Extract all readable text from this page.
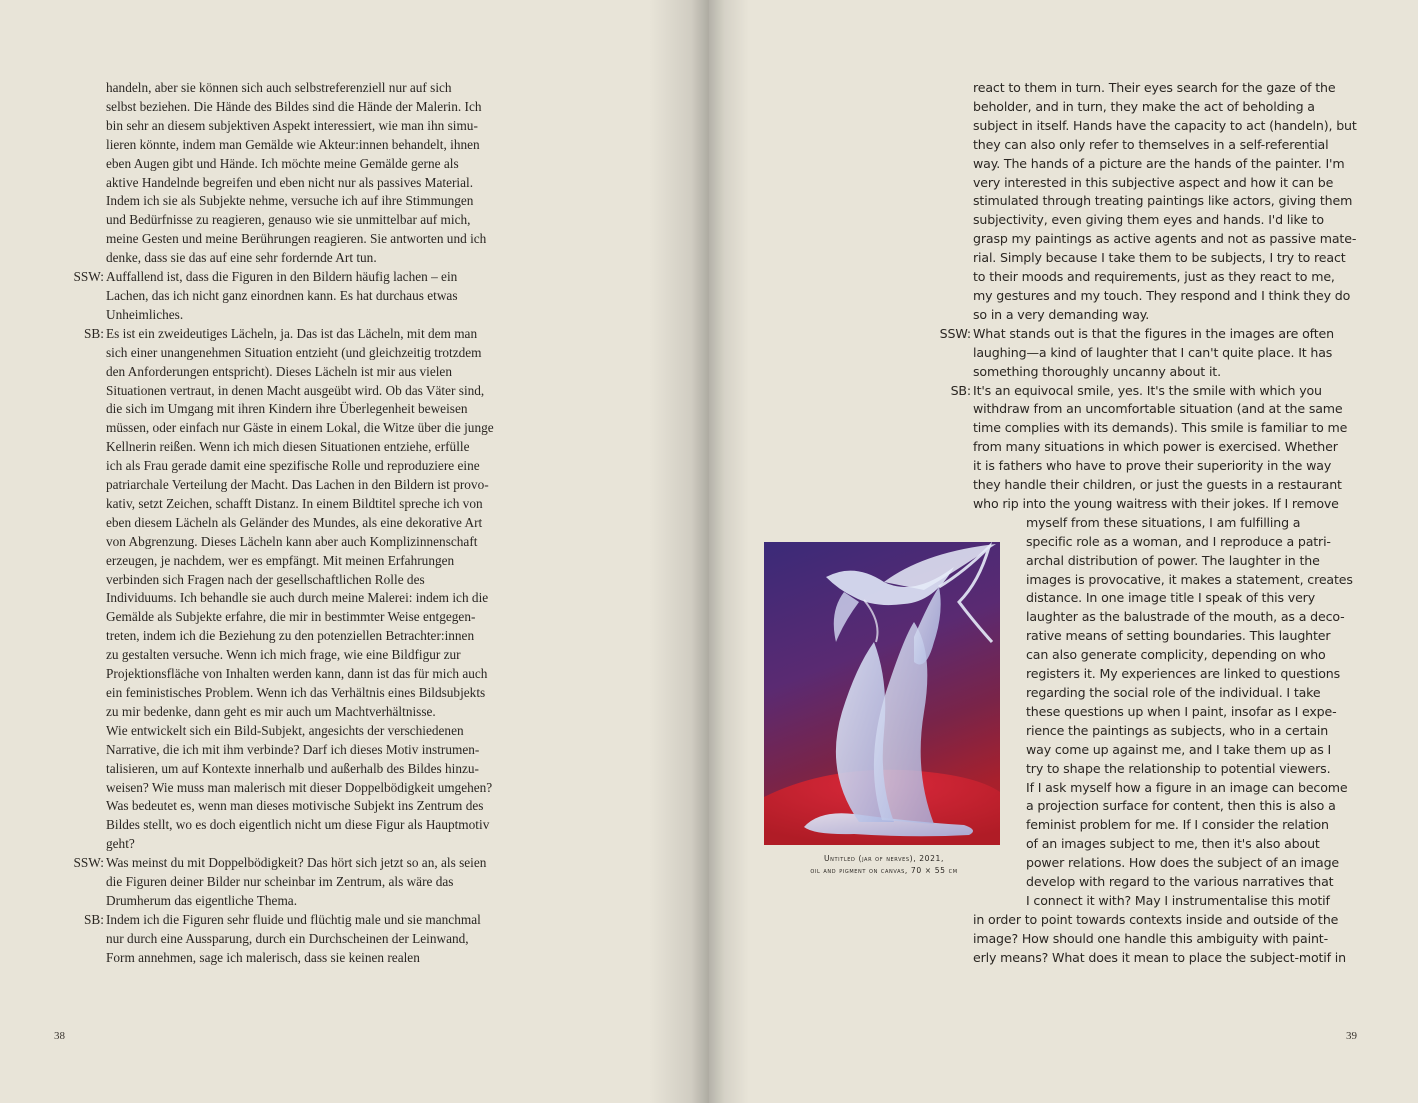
handeln, aber sie können sich auch selbstreferenziell nur auf sich
selbst beziehen. Die Hände des Bildes sind die Hände der Malerin. Ich
bin sehr an diesem subjektiven Aspekt interessiert, wie man ihn simu-
lieren könnte, indem man Gemälde wie Akteur:innen behandelt, ihnen
eben Augen gibt und Hände. Ich möchte meine Gemälde gerne als
aktive Handelnde begreifen und eben nicht nur als passives Material.
Indem ich sie als Subjekte nehme, versuche ich auf ihre Stimmungen
und Bedürfnisse zu reagieren, genauso wie sie unmittelbar auf mich,
meine Gesten und meine Berührungen reagieren. Sie antworten und ich
denke, dass sie das auf eine sehr fordernde Art tun.
SSW: Auffallend ist, dass die Figuren in den Bildern häufig lachen – ein
Lachen, das ich nicht ganz einordnen kann. Es hat durchaus etwas
Unheimliches.
SB: Es ist ein zweideutiges Lächeln, ja. Das ist das Lächeln, mit dem man
sich einer unangenehmen Situation entzieht (und gleichzeitig trotzdem
den Anforderungen entspricht). Dieses Lächeln ist mir aus vielen
Situationen vertraut, in denen Macht ausgeübt wird. Ob das Väter sind,
die sich im Umgang mit ihren Kindern ihre Überlegenheit beweisen
müssen, oder einfach nur Gäste in einem Lokal, die Witze über die junge
Kellnerin reißen. Wenn ich mich diesen Situationen entziehe, erfülle
ich als Frau gerade damit eine spezifische Rolle und reproduziere eine
patriarchale Verteilung der Macht. Das Lachen in den Bildern ist provo-
kativ, setzt Zeichen, schafft Distanz. In einem Bildtitel spreche ich von
eben diesem Lächeln als Geländer des Mundes, als eine dekorative Art
von Abgrenzung. Dieses Lächeln kann aber auch Komplizinnenschaft
erzeugen, je nachdem, wer es empfängt. Mit meinen Erfahrungen
verbinden sich Fragen nach der gesellschaftlichen Rolle des
Individuums. Ich behandle sie auch durch meine Malerei: indem ich die
Gemälde als Subjekte erfahre, die mir in bestimmter Weise entgegen-
treten, indem ich die Beziehung zu den potenziellen Betrachter:innen
zu gestalten versuche. Wenn ich mich frage, wie eine Bildfigur zur
Projektionsfläche von Inhalten werden kann, dann ist das für mich auch
ein feministisches Problem. Wenn ich das Verhältnis eines Bildsubjekts
zu mir bedenke, dann geht es mir auch um Machtverhältnisse.
Wie entwickelt sich ein Bild-Subjekt, angesichts der verschiedenen
Narrative, die ich mit ihm verbinde? Darf ich dieses Motiv instrumen-
talisieren, um auf Kontexte innerhalb und außerhalb des Bildes hinzu-
weisen? Wie muss man malerisch mit dieser Doppelbödigkeit umgehen?
Was bedeutet es, wenn man dieses motivische Subjekt ins Zentrum des
Bildes stellt, wo es doch eigentlich nicht um diese Figur als Hauptmotiv
geht?
SSW: Was meinst du mit Doppelbödigkeit? Das hört sich jetzt so an, als seien
die Figuren deiner Bilder nur scheinbar im Zentrum, als wäre das
Drumherum das eigentliche Thema.
SB: Indem ich die Figuren sehr fluide und flüchtig male und sie manchmal
nur durch eine Aussparung, durch ein Durchscheinen der Leinwand,
Form annehmen, sage ich malerisch, dass sie keinen realen
react to them in turn. Their eyes search for the gaze of the
beholder, and in turn, they make the act of beholding a
subject in itself. Hands have the capacity to act (handeln), but
they can also only refer to themselves in a self-referential
way. The hands of a picture are the hands of the painter. I'm
very interested in this subjective aspect and how it can be
stimulated through treating paintings like actors, giving them
subjectivity, even giving them eyes and hands. I'd like to
grasp my paintings as active agents and not as passive mate-
rial. Simply because I take them to be subjects, I try to react
to their moods and requirements, just as they react to me,
my gestures and my touch. They respond and I think they do
so in a very demanding way.
SSW: What stands out is that the figures in the images are often
laughing—a kind of laughter that I can't quite place. It has
something thoroughly uncanny about it.
SB: It's an equivocal smile, yes. It's the smile with which you
withdraw from an uncomfortable situation (and at the same
time complies with its demands). This smile is familiar to me
from many situations in which power is exercised. Whether
it is fathers who have to prove their superiority in the way
they handle their children, or just the guests in a restaurant
who rip into the young waitress with their jokes. If I remove
myself from these situations, I am fulfilling a
specific role as a woman, and I reproduce a patri-
archal distribution of power. The laughter in the
images is provocative, it makes a statement, creates
distance. In one image title I speak of this very
laughter as the balustrade of the mouth, as a deco-
rative means of setting boundaries. This laughter
can also generate complicity, depending on who
registers it. My experiences are linked to questions
regarding the social role of the individual. I take
these questions up when I paint, insofar as I expe-
rience the paintings as subjects, who in a certain
way come up against me, and I take them up as I
try to shape the relationship to potential viewers.
If I ask myself how a figure in an image can become
a projection surface for content, then this is also a
feminist problem for me. If I consider the relation
of an images subject to me, then it's also about
power relations. How does the subject of an image
develop with regard to the various narratives that
I connect it with? May I instrumentalise this motif
in order to point towards contexts inside and outside of the
image? How should one handle this ambiguity with paint-
erly means? What does it mean to place the subject-motif in
Untitled (jar of nerves), 2021,
oil and pigment on canvas, 70 × 55 cm
38	39
